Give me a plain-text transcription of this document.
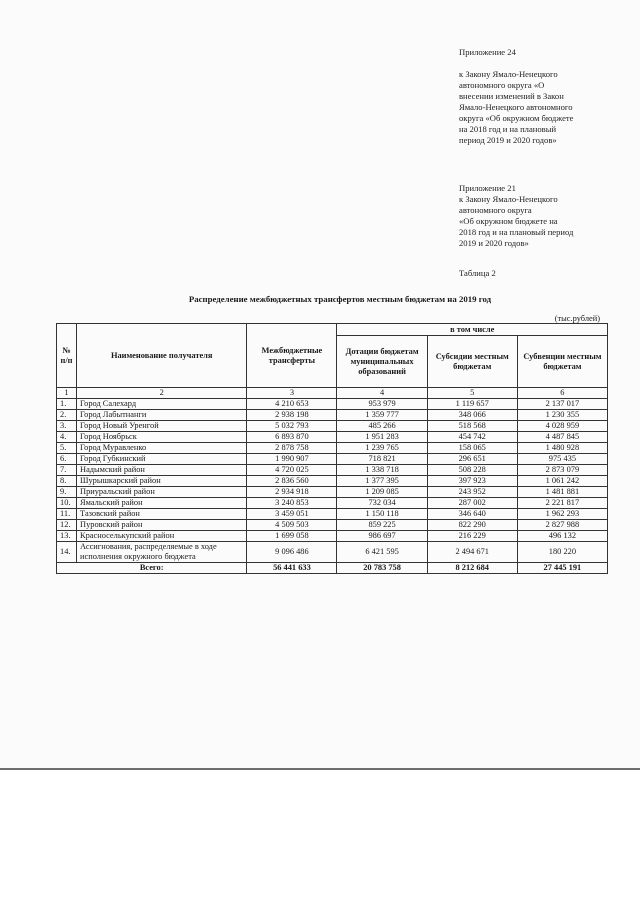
Приложение 24

к Закону Ямало-Ненецкого

автономного округа «О

внесении изменений в Закон

Ямало-Ненецкого автономного

округа «Об окружном бюджете

на 2018 год и на плановый

период 2019 и 2020 годов»

Приложение 21

к Закону Ямало-Ненецкого

автономного округа

«Об окружном бюджете на

2018 год и на плановый период

2019 и 2020 годов»

Таблица 2
Распределение межбюджетных трансфертов местным бюджетам на 2019 год
(тыс.рублей)
№ п/п	Наименование получателя	Межбюджетные трансферты	в том числе		
			Дотации бюджетам муниципальных образований	Субсидии местным бюджетам	Субвенции местным бюджетам
1	2	3	4	5	6
1.	Город Салехард	4 210 653	953 979	1 119 657	2 137 017
2.	Город Лабытнанги	2 938 198	1 359 777	348 066	1 230 355
3.	Город Новый Уренгой	5 032 793	485 266	518 568	4 028 959
4.	Город Ноябрьск	6 893 870	1 951 283	454 742	4 487 845
5.	Город Муравленко	2 878 758	1 239 765	158 065	1 480 928
6.	Город Губкинский	1 990 907	718 821	296 651	975 435
7.	Надымский район	4 720 025	1 338 718	508 228	2 873 079
8.	Шурышкарский район	2 836 560	1 377 395	397 923	1 061 242
9.	Приуральский район	2 934 918	1 209 085	243 952	1 481 881
10.	Ямальский район	3 240 853	732 034	287 002	2 221 817
11.	Тазовский район	3 459 051	1 150 118	346 640	1 962 293
12.	Пуровский район	4 509 503	859 225	822 290	2 827 988
13.	Красноселькупский район	1 699 058	986 697	216 229	496 132
14.	Ассигнования, распределяемые в ходе исполнения окружного бюджета	9 096 486	6 421 595	2 494 671	180 220
Всего:		56 441 633	20 783 758	8 212 684	27 445 191
